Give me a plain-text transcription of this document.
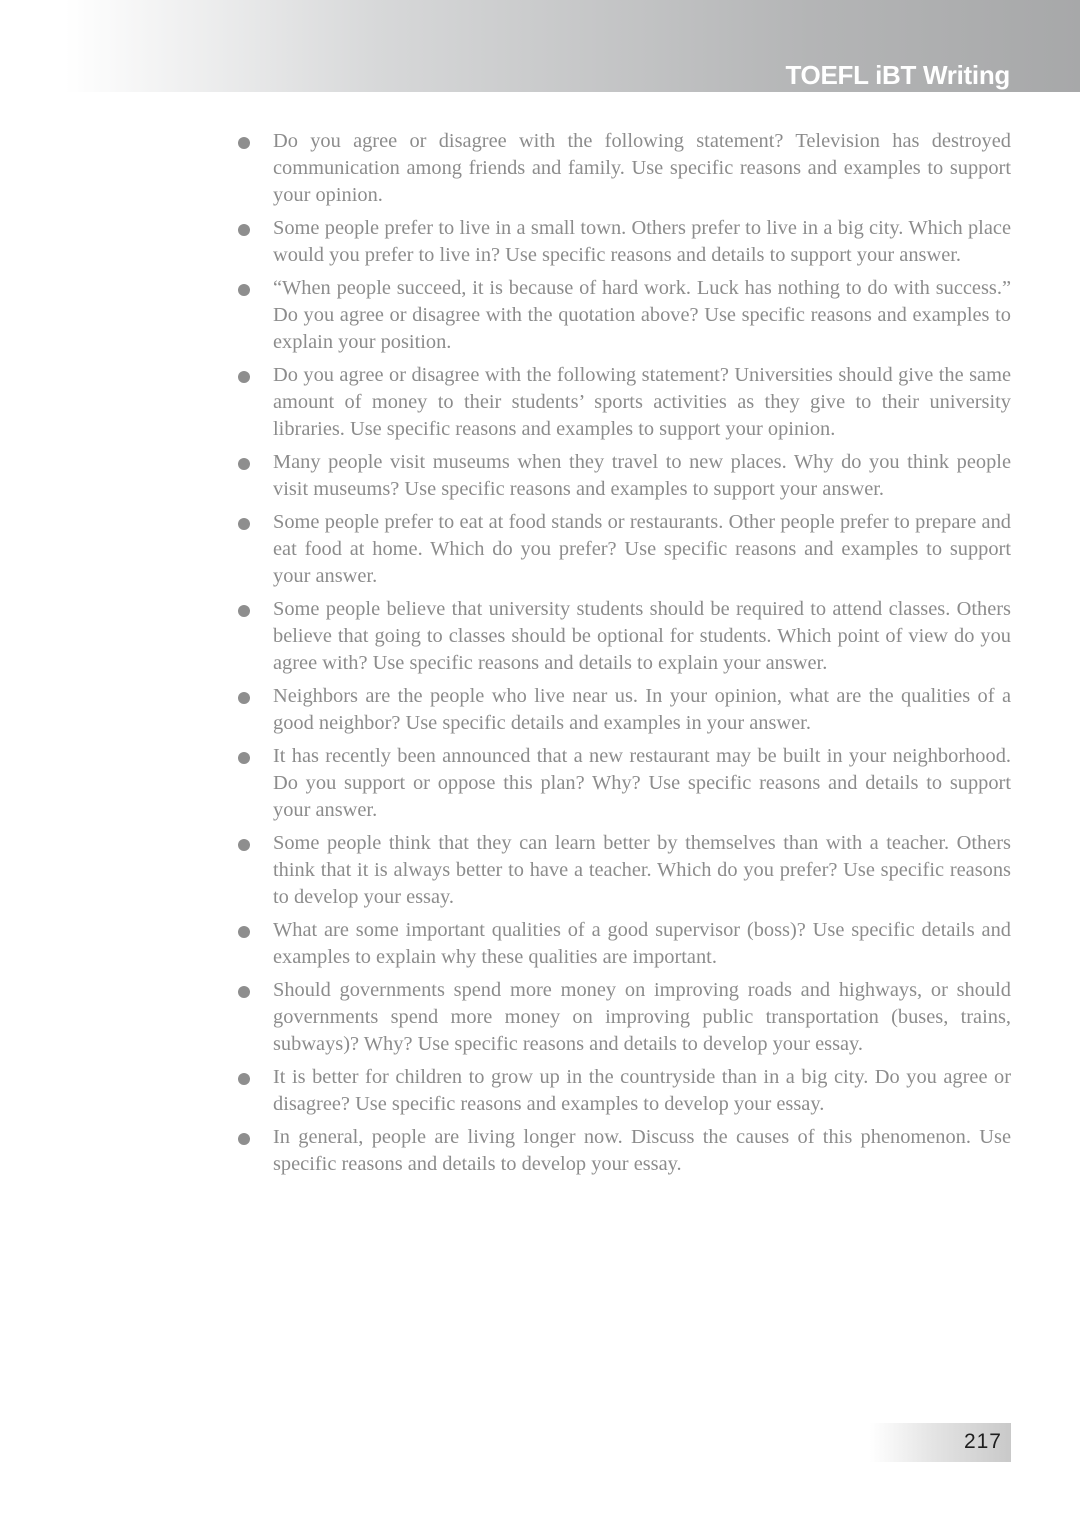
TOEFL iBT Writing
Do you agree or disagree with the following statement? Television has destroyed communication among friends and family. Use specific reasons and examples to support your opinion.
Some people prefer to live in a small town. Others prefer to live in a big city. Which place would you prefer to live in? Use specific reasons and details to support your answer.
“When people succeed, it is because of hard work. Luck has nothing to do with success.” Do you agree or disagree with the quotation above? Use specific reasons and examples to explain your position.
Do you agree or disagree with the following statement? Universities should give the same amount of money to their students’ sports activities as they give to their university libraries. Use specific reasons and examples to support your opinion.
Many people visit museums when they travel to new places. Why do you think people visit museums? Use specific reasons and examples to support your answer.
Some people prefer to eat at food stands or restaurants. Other people prefer to prepare and eat food at home. Which do you prefer? Use specific reasons and examples to support your answer.
Some people believe that university students should be required to attend classes. Others believe that going to classes should be optional for students. Which point of view do you agree with? Use specific reasons and details to explain your answer.
Neighbors are the people who live near us. In your opinion, what are the qualities of a good neighbor? Use specific details and examples in your answer.
It has recently been announced that a new restaurant may be built in your neighborhood. Do you support or oppose this plan? Why? Use specific reasons and details to support your answer.
Some people think that they can learn better by themselves than with a teacher. Others think that it is always better to have a teacher. Which do you prefer? Use specific reasons to develop your essay.
What are some important qualities of a good supervisor (boss)? Use specific details and examples to explain why these qualities are important.
Should governments spend more money on improving roads and highways, or should governments spend more money on improving public transportation (buses, trains, subways)? Why? Use specific reasons and details to develop your essay.
It is better for children to grow up in the countryside than in a big city. Do you agree or disagree? Use specific reasons and examples to develop your essay.
In general, people are living longer now. Discuss the causes of this phenomenon. Use specific reasons and details to develop your essay.
217
